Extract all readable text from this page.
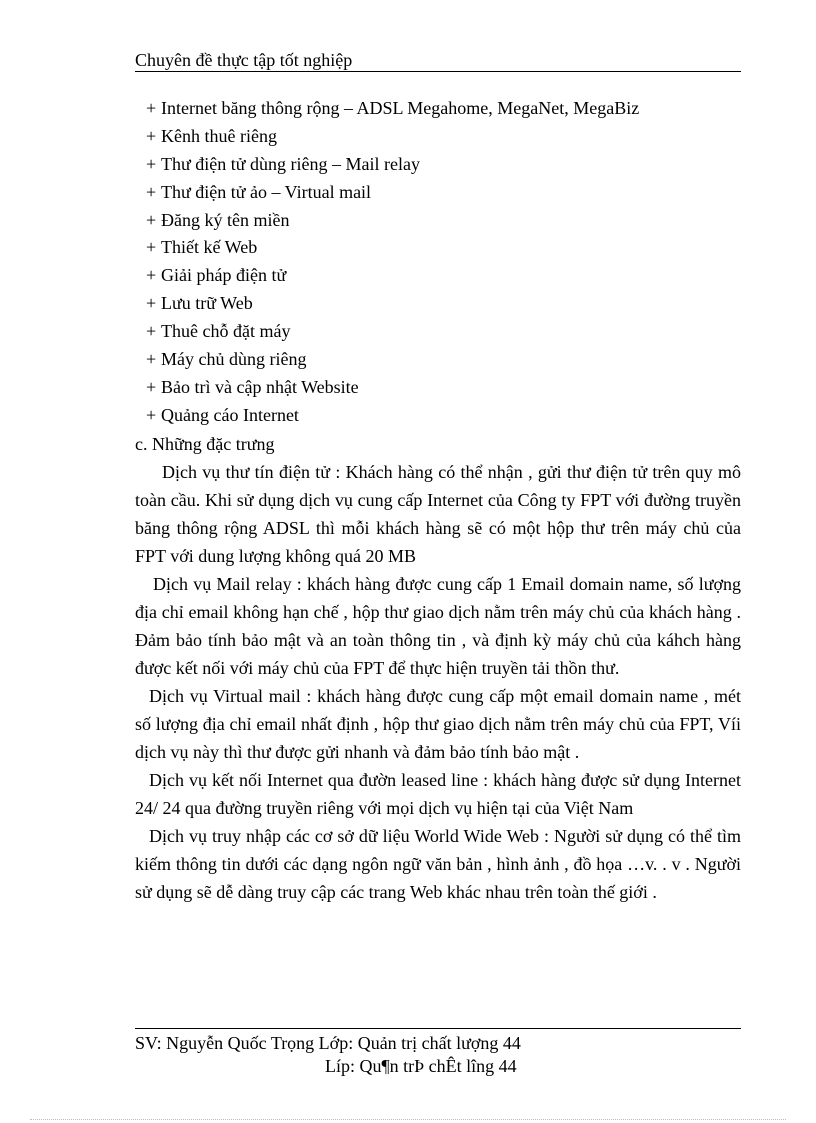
Chuyên đề thực tập tốt nghiệp
+ Internet băng thông rộng – ADSL Megahome, MegaNet, MegaBiz
+ Kênh thuê riêng
+ Thư điện tử dùng riêng – Mail relay
+ Thư điện tử ảo – Virtual mail
+ Đăng ký tên miền
+ Thiết kế Web
+ Giải pháp điện tử
+ Lưu trữ Web
+ Thuê chỗ đặt máy
+ Máy chủ dùng riêng
+ Bảo trì và cập nhật Website
+ Quảng cáo Internet
c. Những đặc trưng

Dịch vụ thư tín điện tử : Khách hàng có thể nhận , gửi thư điện tử trên quy mô toàn cầu. Khi sử dụng dịch vụ cung cấp Internet của Công ty FPT với đường truyền băng thông rộng ADSL thì mỗi khách hàng sẽ có một hộp thư trên máy chủ của FPT với dung lượng không quá 20 MB

Dịch vụ Mail relay : khách hàng được cung cấp 1 Email domain name, số lượng địa chỉ email không hạn chế , hộp thư giao dịch nằm trên máy chủ của khách hàng . Đảm bảo tính bảo mật và an toàn thông tin , và định kỳ máy chủ của káhch hàng được kết nối với máy chủ của FPT để thực hiện truyền tải thồn thư.

Dịch vụ Virtual mail : khách hàng được cung cấp một email domain name , mét số lượng địa chỉ email nhất định , hộp thư giao dịch nằm trên máy chủ của FPT, Víi dịch vụ này thì thư được gửi nhanh và đảm bảo tính bảo mật .

Dịch vụ kết nối Internet qua đườn leased line : khách hàng được sử dụng Internet 24/ 24 qua đường truyền riêng với mọi dịch vụ hiện tại của Việt Nam

Dịch vụ truy nhập các cơ sở dữ liệu World Wide Web : Người sử dụng có thể tìm kiếm thông tin dưới các dạng ngôn ngữ văn bản , hình ảnh , đồ họa …v. . v . Người sử dụng sẽ dễ dàng truy cập các trang Web khác nhau trên toàn thế giới .

SV: Nguyễn Quốc Trọng Lớp: Quản trị chất lượng 44
Líp: Qu¶n trÞ chÊt lîng 44
